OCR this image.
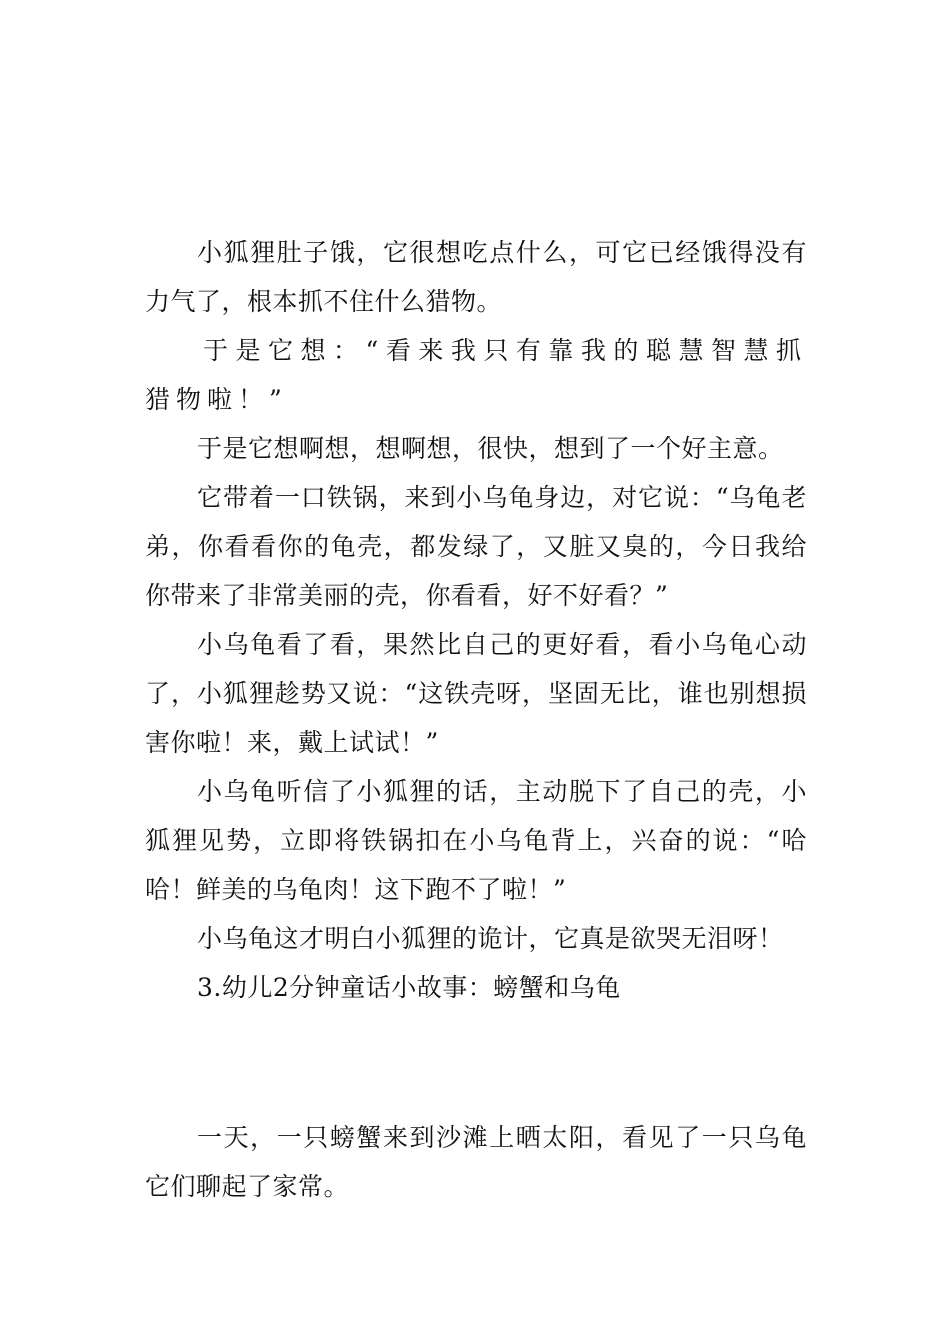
小狐狸肚子饿，它很想吃点什么，可它已经饿得没有力气了，根本抓不住什么猎物。

于是它想：“看来我只有靠我的聪慧智慧抓猎物啦！”

于是它想啊想，想啊想，很快，想到了一个好主意。

它带着一口铁锅，来到小乌龟身边，对它说：“乌龟老弟，你看看你的龟壳，都发绿了，又脏又臭的，今日我给你带来了非常美丽的壳，你看看，好不好看？”

小乌龟看了看，果然比自己的更好看，看小乌龟心动了，小狐狸趁势又说：“这铁壳呀，坚固无比，谁也别想损害你啦！来，戴上试试！”

小乌龟听信了小狐狸的话，主动脱下了自己的壳，小狐狸见势，立即将铁锅扣在小乌龟背上，兴奋的说：“哈哈！鲜美的乌龟肉！这下跑不了啦！”

小乌龟这才明白小狐狸的诡计，它真是欲哭无泪呀！

3.幼儿2分钟童话小故事：螃蟹和乌龟

一天，一只螃蟹来到沙滩上晒太阳，看见了一只乌龟它们聊起了家常。
